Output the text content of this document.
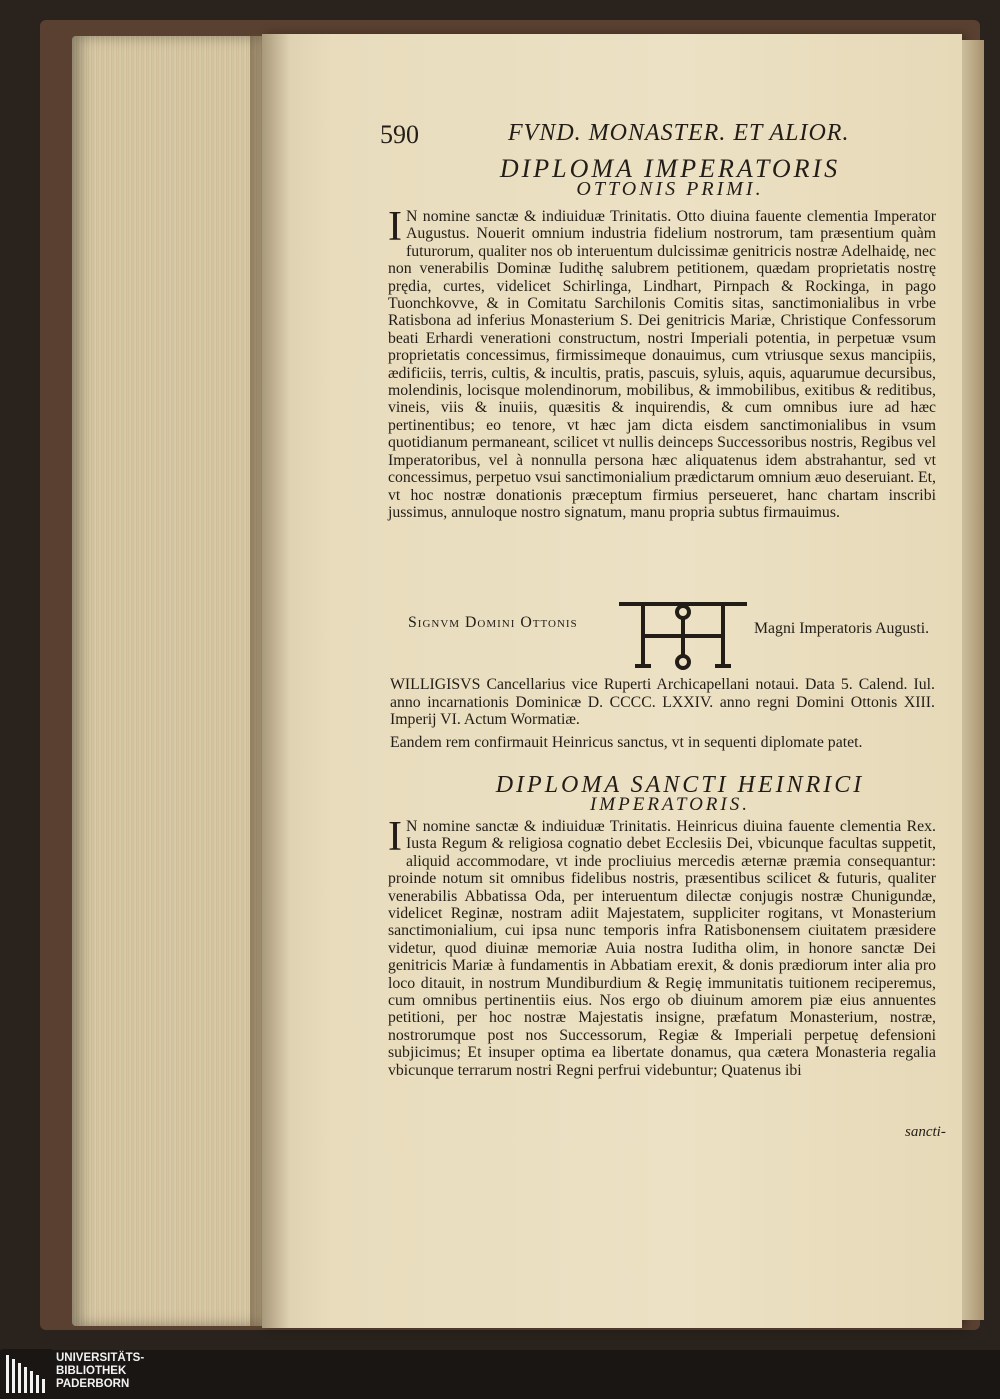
590	FVND. MONASTER. ET ALIOR.
DIPLOMA IMPERATORIS
OTTONIS PRIMI.

I N nomine sanctæ & indiuiduæ Trinitatis. Otto diuina fauente clementia Imperator Augustus. Nouerit omnium industria fidelium nostrorum, tam præsentium quàm futurorum, qualiter nos ob interuentum dulcissimæ genitricis nostræ Adelhaidę, nec non venerabilis Dominæ Iudithę salubrem petitionem, quædam proprietatis nostrę prędia, curtes, videlicet Schirlinga, Lindhart, Pirnpach & Rockinga, in pago Tuonchkovve, & in Comitatu Sarchilonis Comitis sitas, sanctimonialibus in vrbe Ratisbona ad inferius Monasterium S. Dei genitricis Mariæ, Christique Confessorum beati Erhardi venerationi constructum, nostri Imperiali potentia, in perpetuæ vsum proprietatis concessimus, firmissimeque donauimus, cum vtriusque sexus mancipiis, ædificiis, terris, cultis, & incultis, pratis, pascuis, syluis, aquis, aquarumue decursibus, molendinis, locisque molendinorum, mobilibus, & immobilibus, exitibus & reditibus, vineis, viis & inuiis, quæsitis & inquirendis, & cum omnibus iure ad hæc pertinentibus; eo tenore, vt hæc jam dicta eisdem sanctimonialibus in vsum quotidianum permaneant, scilicet vt nullis deinceps Successoribus nostris, Regibus vel Imperatoribus, vel à nonnulla persona hæc aliquatenus idem abstrahantur, sed vt concessimus, perpetuo vsui sanctimonialium prædictarum omnium æuo deseruiant. Et, vt hoc nostræ donationis præceptum firmius perseueret, hanc chartam inscribi jussimus, annuloque nostro signatum, manu propria subtus firmauimus.

Signvm Domini Ottonis	Magni Imperatoris Augusti.

WILLIGISVS Cancellarius vice Ruperti Archicapellani notaui. Data 5. Calend. Iul. anno incarnationis Dominicæ D. CCCC. LXXIV. anno regni Domini Ottonis XIII. Imperij VI. Actum Wormatiæ.

Eandem rem confirmauit Heinricus sanctus, vt in sequenti diplomate patet.

DIPLOMA SANCTI HEINRICI
IMPERATORIS.

I N nomine sanctæ & indiuiduæ Trinitatis. Heinricus diuina fauente clementia Rex. Iusta Regum & religiosa cognatio debet Ecclesiis Dei, vbicunque facultas suppetit, aliquid accommodare, vt inde procliuius mercedis æternæ præmia consequantur: proinde notum sit omnibus fidelibus nostris, præsentibus scilicet & futuris, qualiter venerabilis Abbatissa Oda, per interuentum dilectæ conjugis nostræ Chunigundæ, videlicet Reginæ, nostram adiit Majestatem, suppliciter rogitans, vt Monasterium sanctimonialium, cui ipsa nunc temporis infra Ratisbonensem ciuitatem præsidere videtur, quod diuinæ memoriæ Auia nostra Iuditha olim, in honore sanctæ Dei genitricis Mariæ à fundamentis in Abbatiam erexit, & donis prædiorum inter alia pro loco ditauit, in nostrum Mundiburdium & Regię immunitatis tuitionem reciperemus, cum omnibus pertinentiis eius. Nos ergo ob diuinum amorem piæ eius annuentes petitioni, per hoc nostræ Majestatis insigne, præfatum Monasterium, nostræ, nostrorumque post nos Successorum, Regiæ & Imperiali perpetuę defensioni subjicimus; Et insuper optima ea libertate donamus, qua cætera Monasteria regalia vbicunque terrarum nostri Regni perfrui videbuntur; Quatenus ibi

sancti-
UNIVERSITÄTS-
BIBLIOTHEK
PADERBORN
